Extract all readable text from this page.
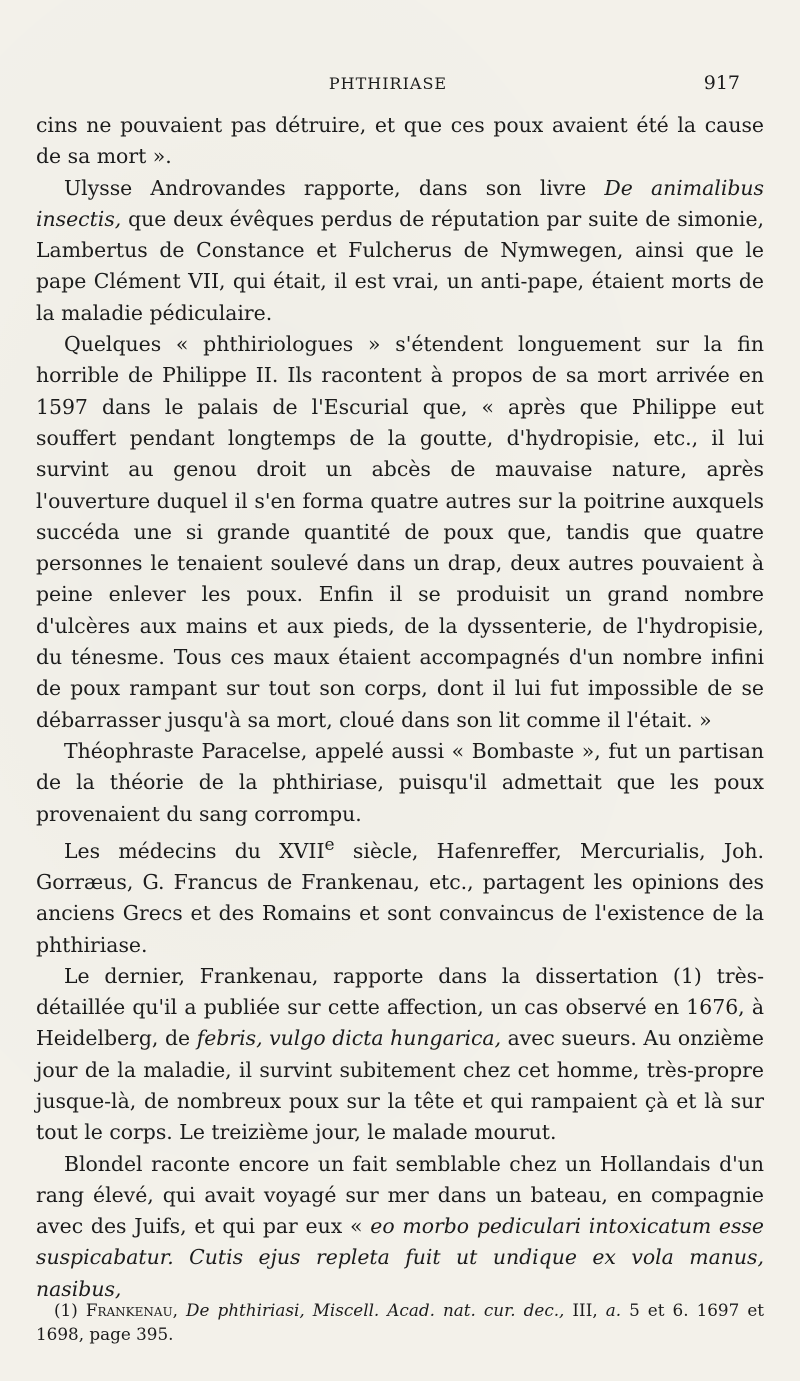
PHTHIRIASE	917

cins ne pouvaient pas détruire, et que ces poux avaient été la cause de sa mort ».

Ulysse Androvandes rapporte, dans son livre De animalibus insectis, que deux évêques perdus de réputation par suite de simonie, Lambertus de Constance et Fulcherus de Nymwegen, ainsi que le pape Clément VII, qui était, il est vrai, un anti-pape, étaient morts de la maladie pédiculaire.

Quelques « phthiriologues » s'étendent longuement sur la fin horrible de Philippe II. Ils racontent à propos de sa mort arrivée en 1597 dans le palais de l'Escurial que, « après que Philippe eut souffert pendant longtemps de la goutte, d'hydropisie, etc., il lui survint au genou droit un abcès de mauvaise nature, après l'ouverture duquel il s'en forma quatre autres sur la poitrine auxquels succéda une si grande quantité de poux que, tandis que quatre personnes le tenaient soulevé dans un drap, deux autres pouvaient à peine enlever les poux. Enfin il se produisit un grand nombre d'ulcères aux mains et aux pieds, de la dyssenterie, de l'hydropisie, du ténesme. Tous ces maux étaient accompagnés d'un nombre infini de poux rampant sur tout son corps, dont il lui fut impossible de se débarrasser jusqu'à sa mort, cloué dans son lit comme il l'était. »

Théophraste Paracelse, appelé aussi « Bombaste », fut un partisan de la théorie de la phthiriase, puisqu'il admettait que les poux provenaient du sang corrompu.

Les médecins du XVIIe siècle, Hafenreffer, Mercurialis, Joh. Gorræus, G. Francus de Frankenau, etc., partagent les opinions des anciens Grecs et des Romains et sont convaincus de l'existence de la phthiriase.

Le dernier, Frankenau, rapporte dans la dissertation (1) très-détaillée qu'il a publiée sur cette affection, un cas observé en 1676, à Heidelberg, de febris, vulgo dicta hungarica, avec sueurs. Au onzième jour de la maladie, il survint subitement chez cet homme, très-propre jusque-là, de nombreux poux sur la tête et qui rampaient çà et là sur tout le corps. Le treizième jour, le malade mourut.

Blondel raconte encore un fait semblable chez un Hollandais d'un rang élevé, qui avait voyagé sur mer dans un bateau, en compagnie avec des Juifs, et qui par eux « eo morbo pediculari intoxicatum esse suspicabatur. Cutis ejus repleta fuit ut undique ex vola manus, nasibus,

(1) Frankenau, De phthiriasi, Miscell. Acad. nat. cur. dec., III, a. 5 et 6. 1697 et 1698, page 395.
